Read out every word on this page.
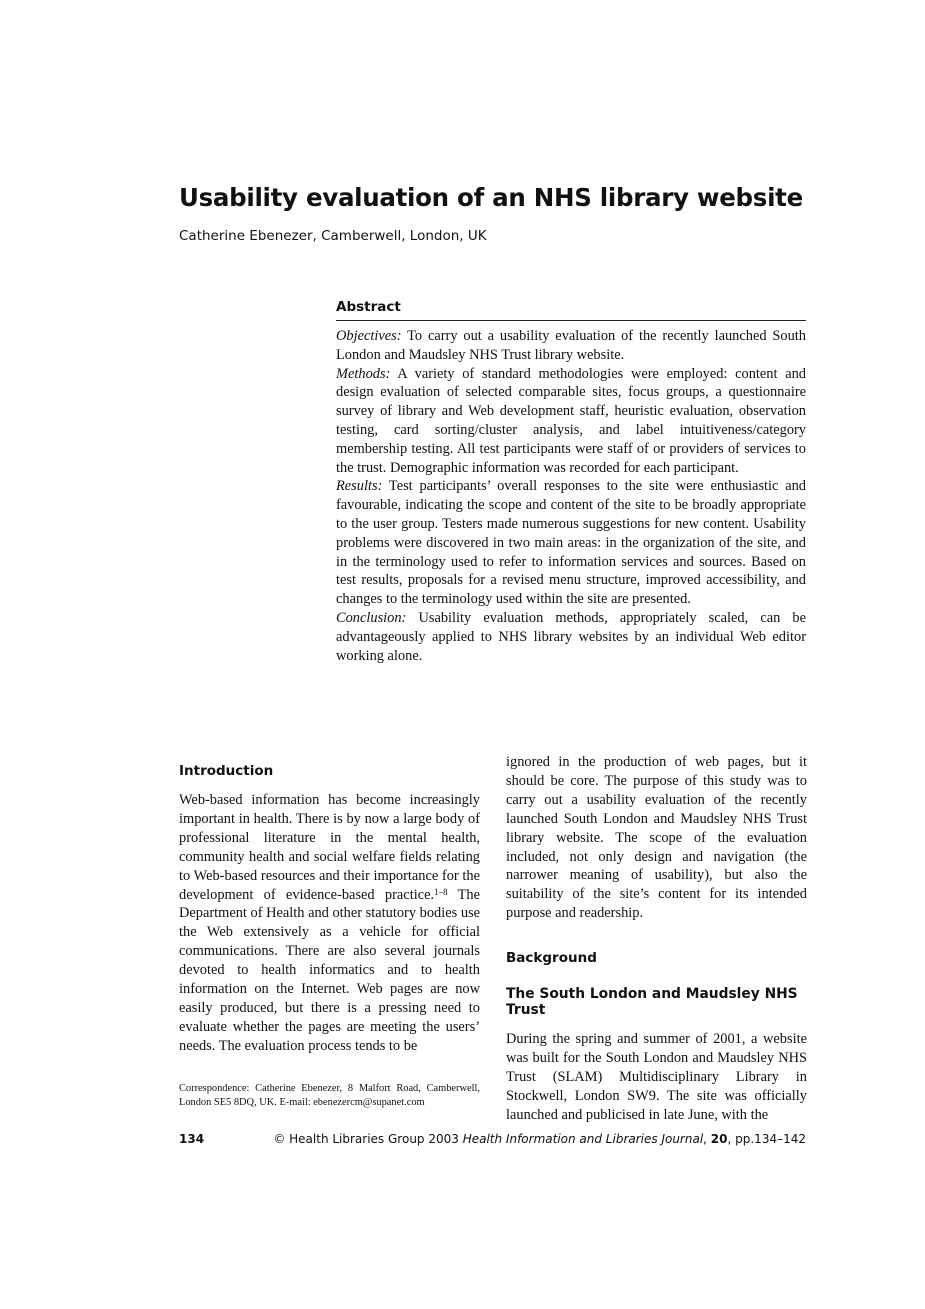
Usability evaluation of an NHS library website

Catherine Ebenezer, Camberwell, London, UK

Abstract

Objectives: To carry out a usability evaluation of the recently launched South London and Maudsley NHS Trust library website.
Methods: A variety of standard methodologies were employed: content and design evaluation of selected comparable sites, focus groups, a questionnaire survey of library and Web development staff, heuristic evaluation, observation testing, card sorting/cluster analysis, and label intuitiveness/category membership testing. All test participants were staff of or providers of services to the trust. Demographic information was recorded for each participant.
Results: Test participants’ overall responses to the site were enthusiastic and favourable, indicating the scope and content of the site to be broadly appropriate to the user group. Testers made numerous suggestions for new content. Usability problems were discovered in two main areas: in the organization of the site, and in the terminology used to refer to information services and sources. Based on test results, proposals for a revised menu structure, improved accessibility, and changes to the terminology used within the site are presented.
Conclusion: Usability evaluation methods, appropriately scaled, can be advantageously applied to NHS library websites by an individual Web editor working alone.

Introduction

Web-based information has become increasingly important in health. There is by now a large body of professional literature in the mental health, community health and social welfare fields relating to Web-based resources and their importance for the development of evidence-based practice.$^{1-8}$ The Department of Health and other statutory bodies use the Web extensively as a vehicle for official communications. There are also several journals devoted to health informatics and to health information on the Internet. Web pages are now easily produced, but there is a pressing need to evaluate whether the pages are meeting the users’ needs. The evaluation process tends to be

Correspondence: Catherine Ebenezer, 8 Malfort Road, Camberwell, London SE5 8DQ, UK. E-mail: ebenezercm@supanet.com

ignored in the production of web pages, but it should be core. The purpose of this study was to carry out a usability evaluation of the recently launched South London and Maudsley NHS Trust library website. The scope of the evaluation included, not only design and navigation (the narrower meaning of usability), but also the suitability of the site’s content for its intended purpose and readership.

Background
The South London and Maudsley NHS Trust

During the spring and summer of 2001, a website was built for the South London and Maudsley NHS Trust (SLAM) Multidisciplinary Library in Stockwell, London SW9. The site was officially launched and publicised in late June, with the

134	© Health Libraries Group 2003 Health Information and Libraries Journal, 20, pp.134–142
